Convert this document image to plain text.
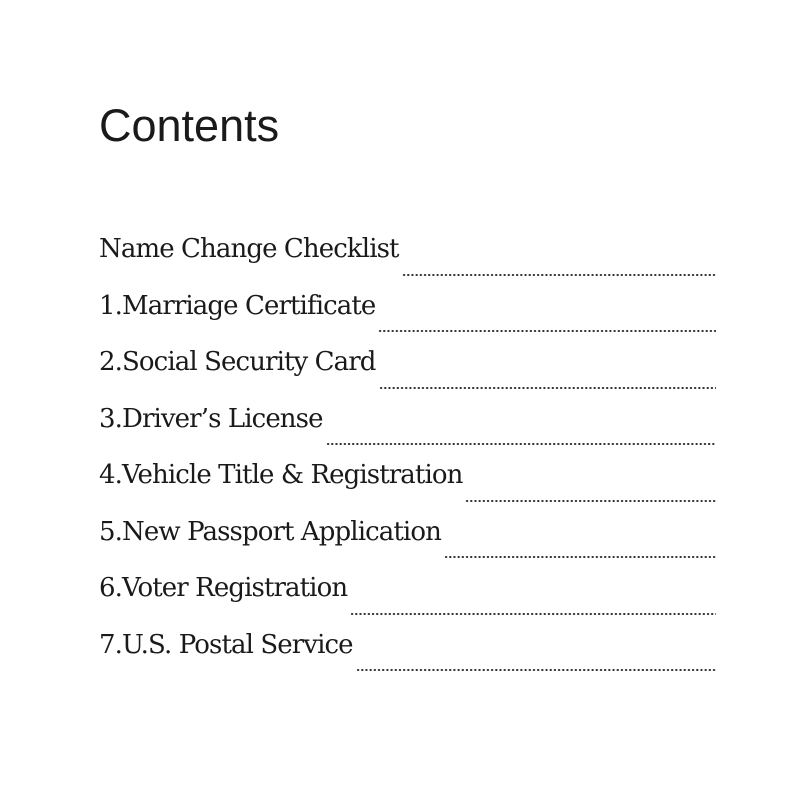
Contents
Name Change Checklist
1.Marriage Certificate
2.Social Security Card
3.Driver’s License
4.Vehicle Title & Registration
5.New Passport Application
6.Voter Registration
7.U.S. Postal Service
